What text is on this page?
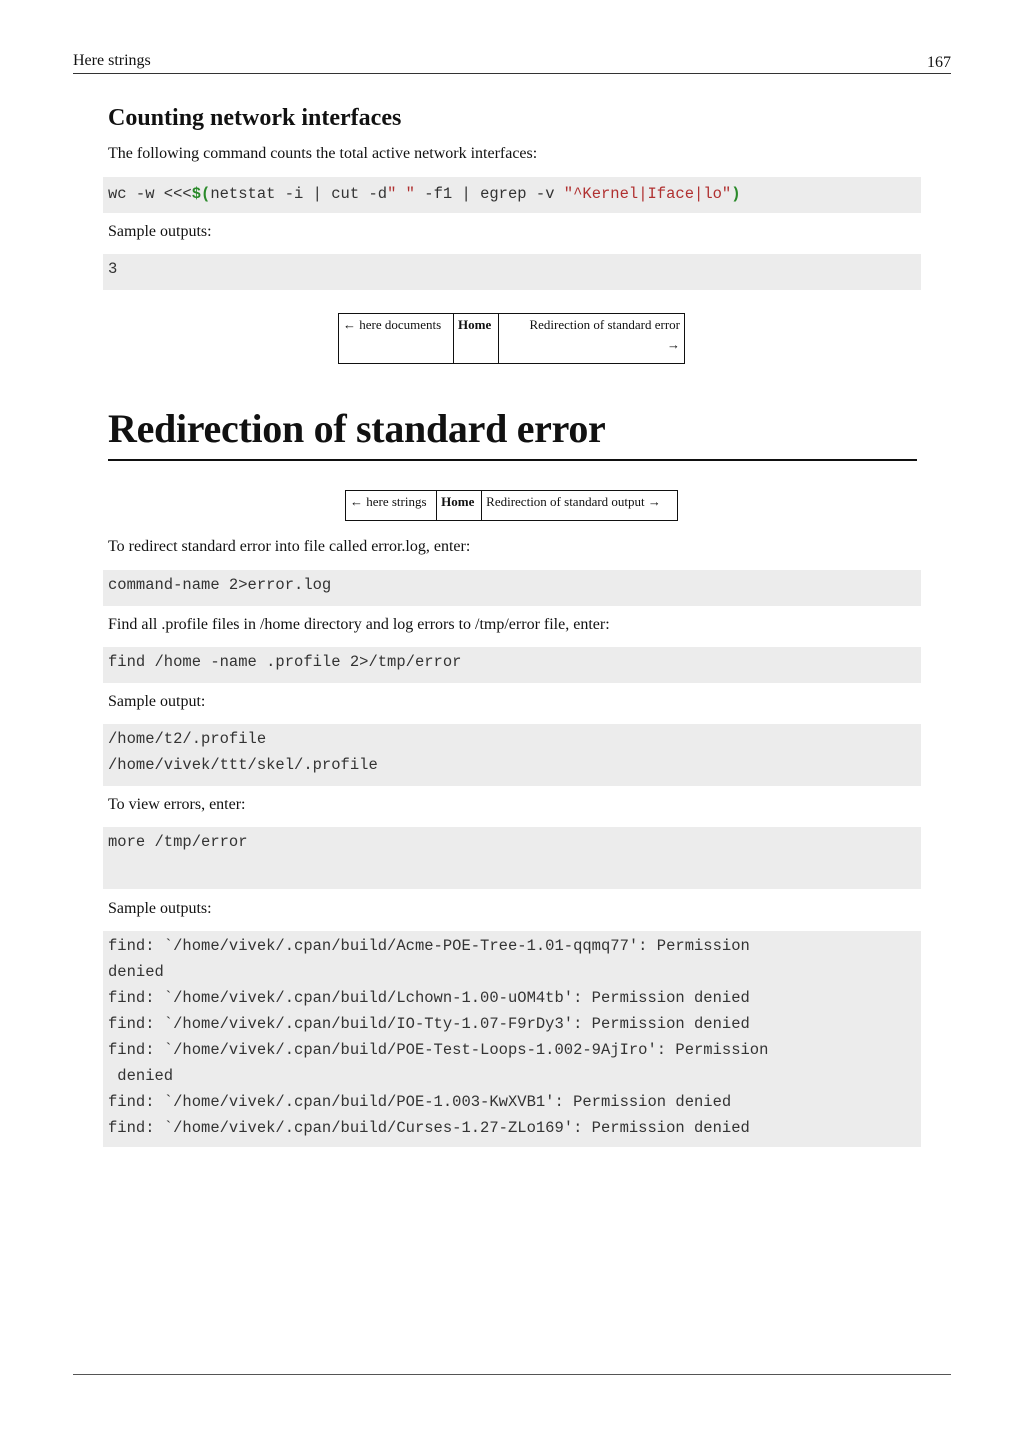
Here strings	167
Counting network interfaces

The following command counts the total active network interfaces:

wc -w <<<$(netstat -i | cut -d" " -f1 | egrep -v "^Kernel|Iface|lo")

Sample outputs:

3
← here documents	Home	Redirection of standard error
→
Redirection of standard error
← here strings	Home	Redirection of standard output →

To redirect standard error into file called error.log, enter:

command-name 2>error.log

Find all .profile files in /home directory and log errors to /tmp/error file, enter:

find /home -name .profile 2>/tmp/error

Sample output:

/home/t2/.profile
/home/vivek/ttt/skel/.profile

To view errors, enter:

more /tmp/error

Sample outputs:

find: `/home/vivek/.cpan/build/Acme-POE-Tree-1.01-qqmq77': Permission
denied
find: `/home/vivek/.cpan/build/Lchown-1.00-uOM4tb': Permission denied
find: `/home/vivek/.cpan/build/IO-Tty-1.07-F9rDy3': Permission denied
find: `/home/vivek/.cpan/build/POE-Test-Loops-1.002-9AjIro': Permission
denied
find: `/home/vivek/.cpan/build/POE-1.003-KwXVB1': Permission denied
find: `/home/vivek/.cpan/build/Curses-1.27-ZLo169': Permission denied
